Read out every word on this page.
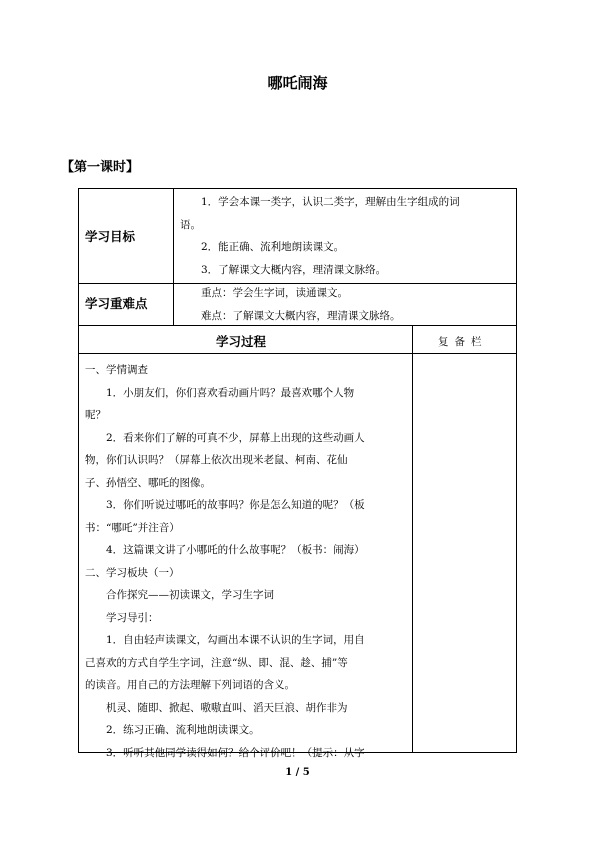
哪吒闹海
【第一课时】
学习目标

1．学会本课一类字，认识二类字，理解由生字组成的词

语。

2．能正确、流利地朗读课文。

3．了解课文大概内容，理清课文脉络。

学习重难点

重点：学会生字词，读通课文。

难点：了解课文大概内容，理清课文脉络。

学习过程	复备栏

一、学情调查

1．小朋友们，你们喜欢看动画片吗？最喜欢哪个人物

呢？

2．看来你们了解的可真不少，屏幕上出现的这些动画人

物，你们认识吗？（屏幕上依次出现米老鼠、柯南、花仙

子、孙悟空、哪吒的图像。

3．你们听说过哪吒的故事吗？你是怎么知道的呢？（板

书：“哪吒”并注音）

4．这篇课文讲了小哪吒的什么故事呢？（板书：闹海）

二、学习板块（一）

合作探究——初读课文，学习生字词

学习导引：

1．自由轻声读课文，勾画出本课不认识的生字词，用自

己喜欢的方式自学生字词，注意“纵、即、混、趁、捕”等

的读音。用自己的方法理解下列词语的含义。

机灵、随即、掀起、嗷嗷直叫、滔天巨浪、胡作非为

2．练习正确、流利地朗读课文。

3．听听其他同学读得如何？给个评价吧！（提示：从字

1 / 5
